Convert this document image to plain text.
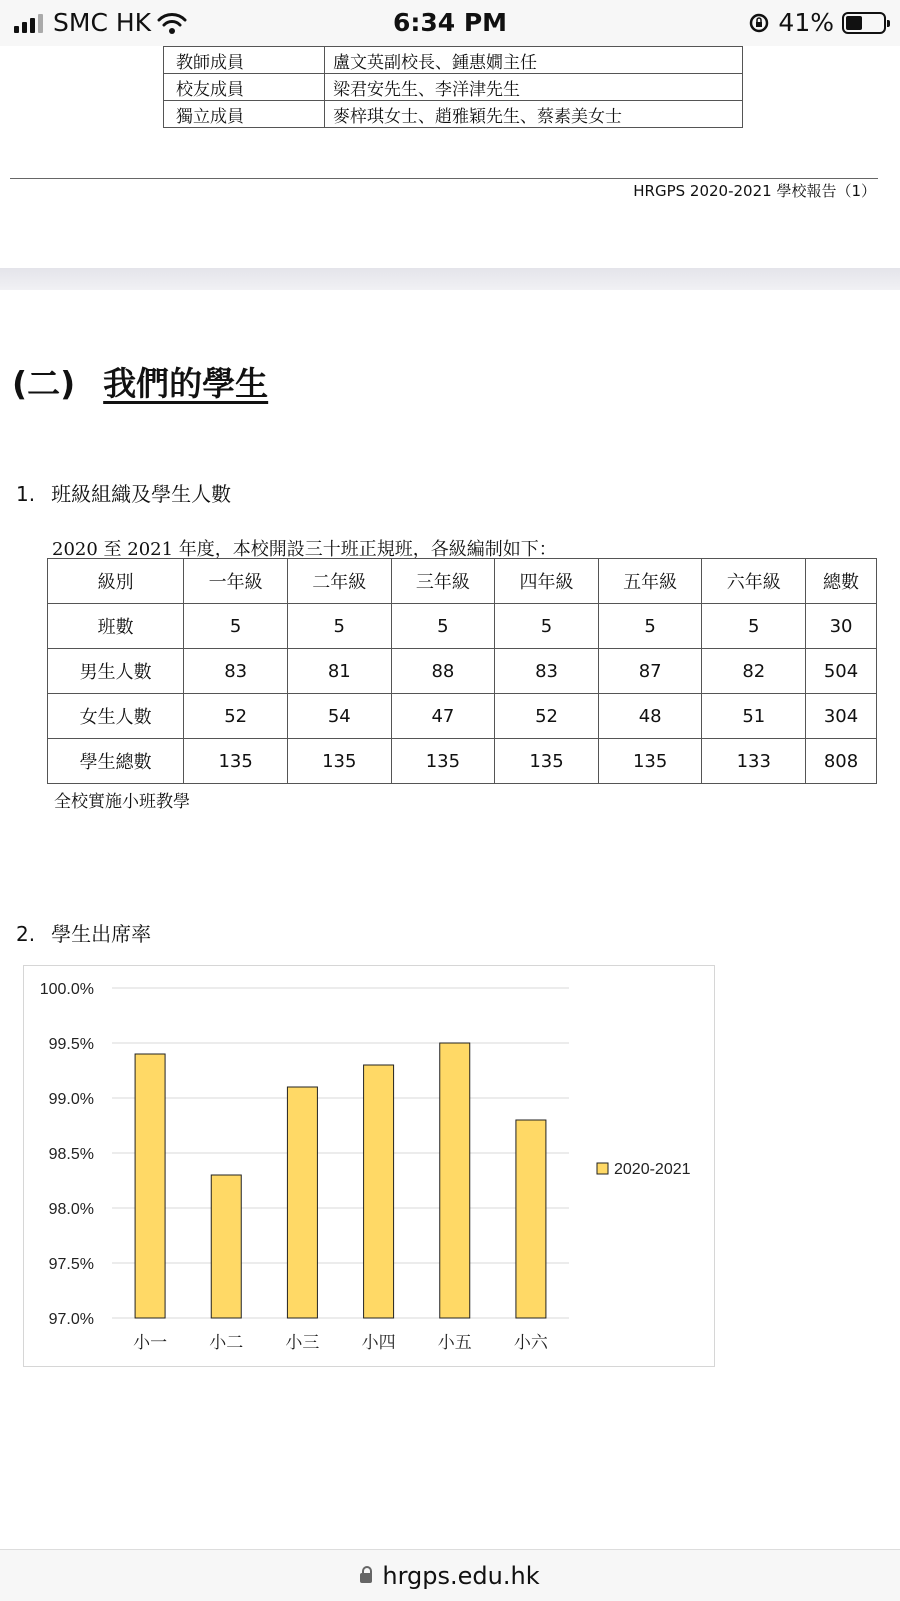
SMC HK	6:34 PM	41%
教師成員	盧文英副校長、鍾惠嫺主任
校友成員	梁君安先生、李洋津先生
獨立成員	麥梓琪女士、趙雅穎先生、蔡素美女士
HRGPS 2020-2021 學校報告（1）
(二) 我們的學生
1. 班級組織及學生人數
2020 至 2021 年度，本校開設三十班正規班，各級編制如下：
級別	一年級	二年級	三年級	四年級	五年級	六年級	總數
班數	5	5	5	5	5	5	30
男生人數	83	81	88	83	87	82	504
女生人數	52	54	47	52	48	51	304
學生總數	135	135	135	135	135	133	808
全校實施小班教學
2. 學生出席率
100.0%
99.5%
99.0%
98.5%
98.0%
97.5%
97.0%
小一 小二 小三 小四 小五 小六
2020-2021
hrgps.edu.hk
